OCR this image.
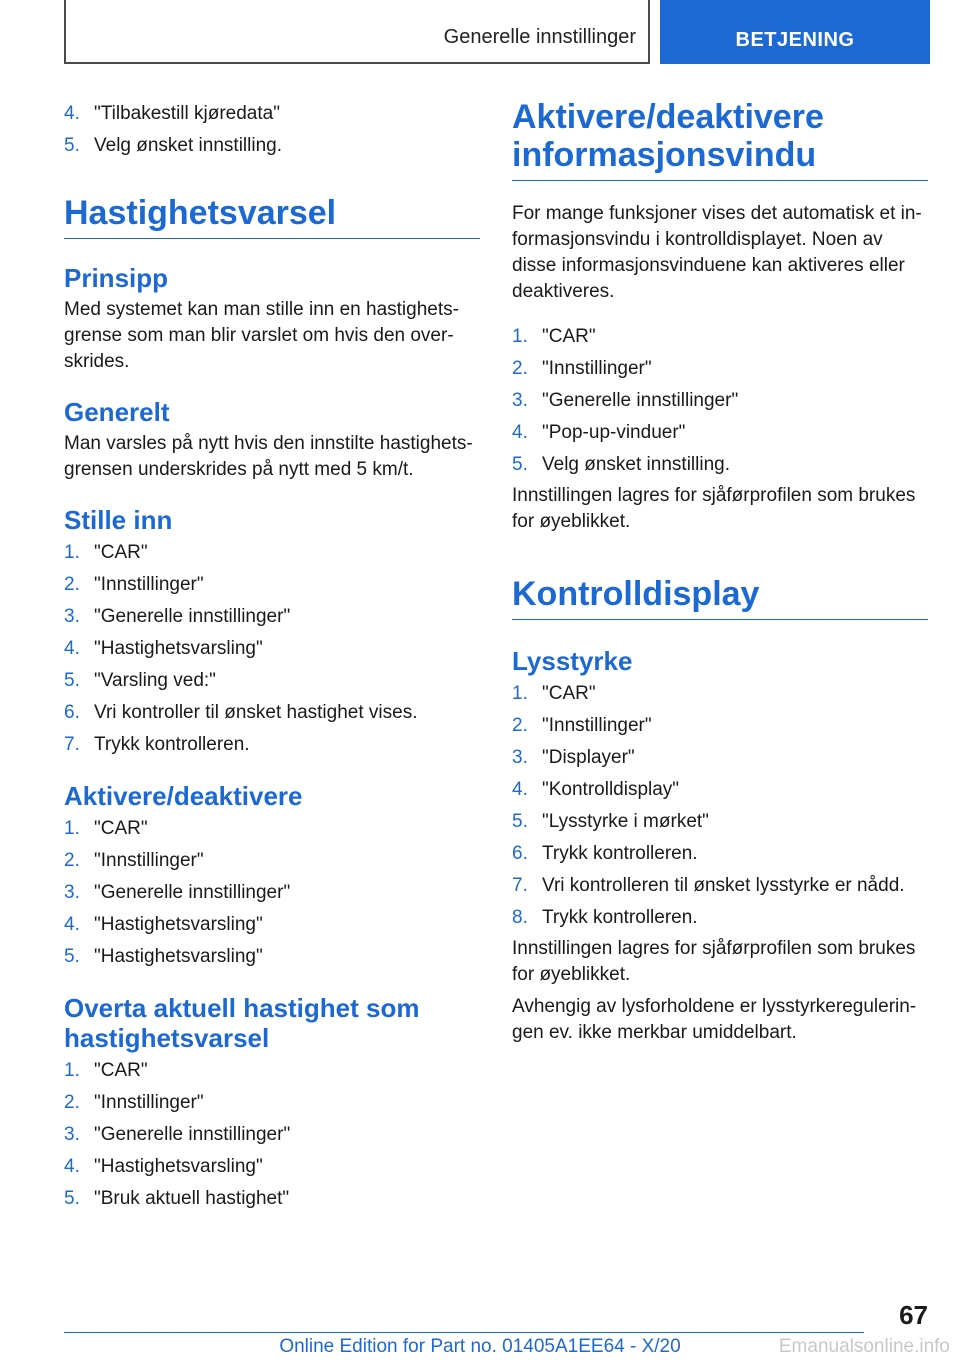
Generelle innstillinger	BETJENING
4. "Tilbakestill kjøredata"
5. Velg ønsket innstilling.
Hastighetsvarsel
Prinsipp

Med systemet kan man stille inn en hastighets-grense som man blir varslet om hvis den over-skrides.

Generelt

Man varsles på nytt hvis den innstilte hastighets-grensen underskrides på nytt med 5 km/t.

Stille inn
1. "CAR"
2. "Innstillinger"
3. "Generelle innstillinger"
4. "Hastighetsvarsling"
5. "Varsling ved:"
6. Vri kontroller til ønsket hastighet vises.
7. Trykk kontrolleren.
Aktivere/deaktivere
1. "CAR"
2. "Innstillinger"
3. "Generelle innstillinger"
4. "Hastighetsvarsling"
5. "Hastighetsvarsling"
Overta aktuell hastighet som hastighetsvarsel
1. "CAR"
2. "Innstillinger"
3. "Generelle innstillinger"
4. "Hastighetsvarsling"
5. "Bruk aktuell hastighet"
Aktivere/deaktivere informasjonsvindu

For mange funksjoner vises det automatisk et in-formasjonsvindu i kontrolldisplayet. Noen av disse informasjonsvinduene kan aktiveres eller deaktiveres.

1. "CAR"
2. "Innstillinger"
3. "Generelle innstillinger"
4. "Pop-up-vinduer"
5. Velg ønsket innstilling.

Innstillingen lagres for sjåførprofilen som brukes for øyeblikket.

Kontrolldisplay
Lysstyrke
1. "CAR"
2. "Innstillinger"
3. "Displayer"
4. "Kontrolldisplay"
5. "Lysstyrke i mørket"
6. Trykk kontrolleren.
7. Vri kontrolleren til ønsket lysstyrke er nådd.
8. Trykk kontrolleren.

Innstillingen lagres for sjåførprofilen som brukes for øyeblikket.

Avhengig av lysforholdene er lysstyrkeregulerin-gen ev. ikke merkbar umiddelbart.

67
Online Edition for Part no. 01405A1EE64 - X/20	Emanualsonline.info
